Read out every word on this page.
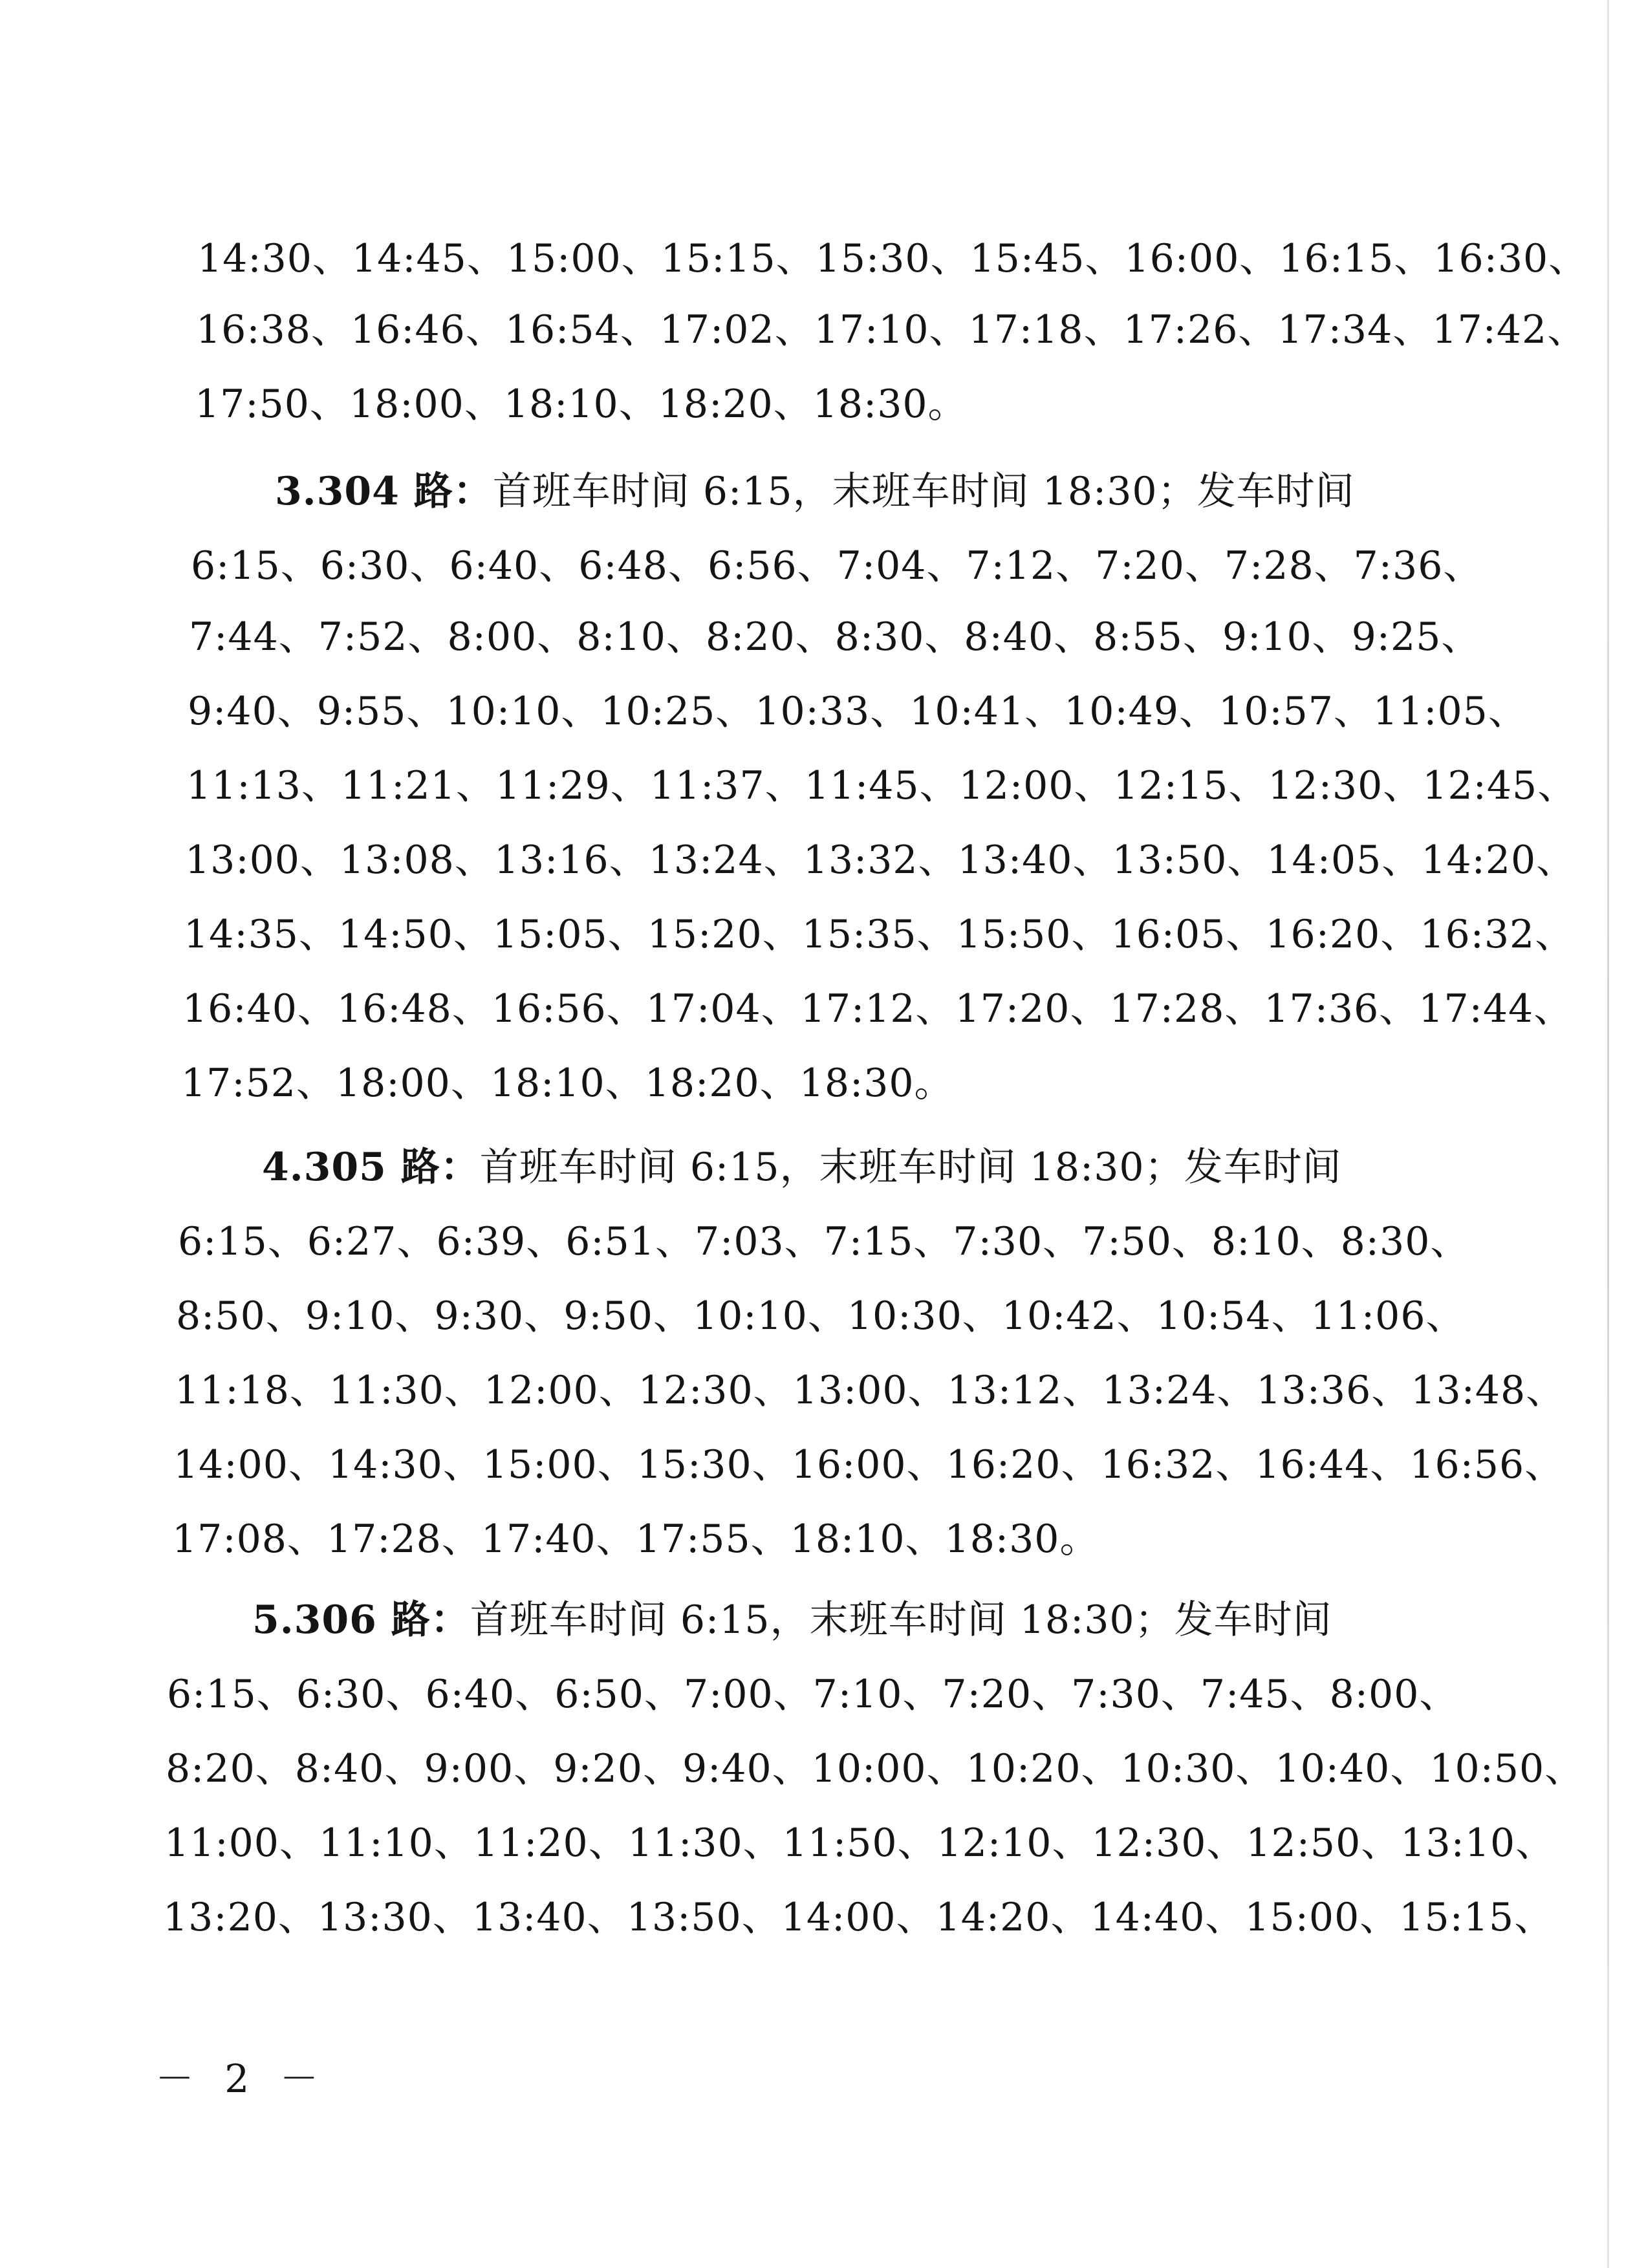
14:30、14:45、15:00、15:15、15:30、15:45、16:00、16:15、16:30、
16:38、16:46、16:54、17:02、17:10、17:18、17:26、17:34、17:42、
17:50、18:00、18:10、18:20、18:30。
3.304 路：首班车时间 6:15，末班车时间 18:30；发车时间
6:15、6:30、6:40、6:48、6:56、7:04、7:12、7:20、7:28、7:36、
7:44、7:52、8:00、8:10、8:20、8:30、8:40、8:55、9:10、9:25、
9:40、9:55、10:10、10:25、10:33、10:41、10:49、10:57、11:05、
11:13、11:21、11:29、11:37、11:45、12:00、12:15、12:30、12:45、
13:00、13:08、13:16、13:24、13:32、13:40、13:50、14:05、14:20、
14:35、14:50、15:05、15:20、15:35、15:50、16:05、16:20、16:32、
16:40、16:48、16:56、17:04、17:12、17:20、17:28、17:36、17:44、
17:52、18:00、18:10、18:20、18:30。
4.305 路：首班车时间 6:15，末班车时间 18:30；发车时间
6:15、6:27、6:39、6:51、7:03、7:15、7:30、7:50、8:10、8:30、
8:50、9:10、9:30、9:50、10:10、10:30、10:42、10:54、11:06、
11:18、11:30、12:00、12:30、13:00、13:12、13:24、13:36、13:48、
14:00、14:30、15:00、15:30、16:00、16:20、16:32、16:44、16:56、
17:08、17:28、17:40、17:55、18:10、18:30。
5.306 路：首班车时间 6:15，末班车时间 18:30；发车时间
6:15、6:30、6:40、6:50、7:00、7:10、7:20、7:30、7:45、8:00、
8:20、8:40、9:00、9:20、9:40、10:00、10:20、10:30、10:40、10:50、
11:00、11:10、11:20、11:30、11:50、12:10、12:30、12:50、13:10、
13:20、13:30、13:40、13:50、14:00、14:20、14:40、15:00、15:15、
－ 2 －
